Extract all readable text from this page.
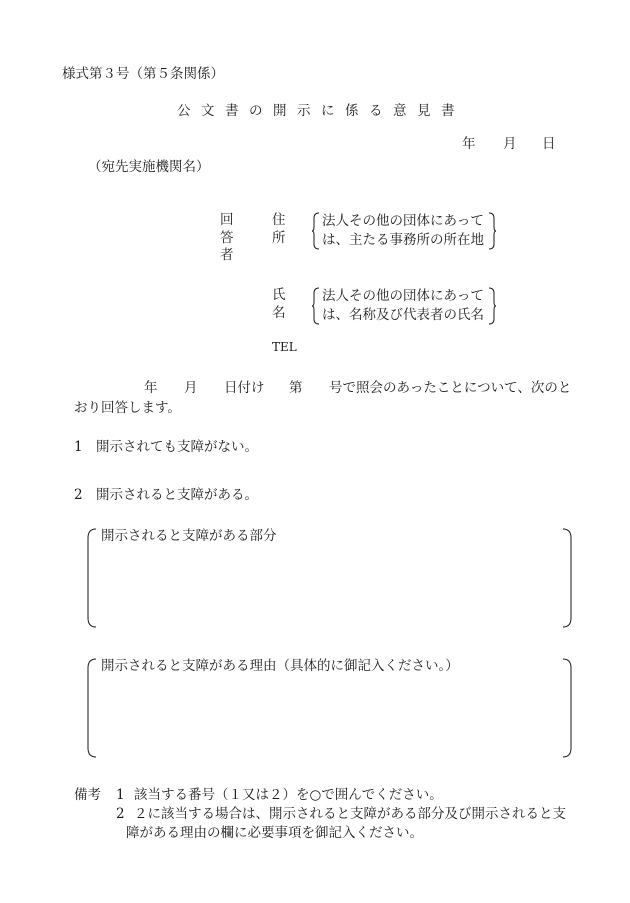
様式第３号（第５条関係）
公文書の開示に係る意見書
年 月 日
（宛先実施機関名）
回答者
住所
法人その他の団体にあって
は、主たる事務所の所在地
氏名
法人その他の団体にあって
は、名称及び代表者の氏名
TEL
年 月 日付け 第 号で照会のあったことについて、次のと
おり回答します。
1 開示されても支障がない。
2 開示されると支障がある。
開示されると支障がある部分
開示されると支障がある理由（具体的に御記入ください。）
備考 1 該当する番号（１又は２）を○で囲んでください。
2 ２に該当する場合は、開示されると支障がある部分及び開示されると支
障がある理由の欄に必要事項を御記入ください。
